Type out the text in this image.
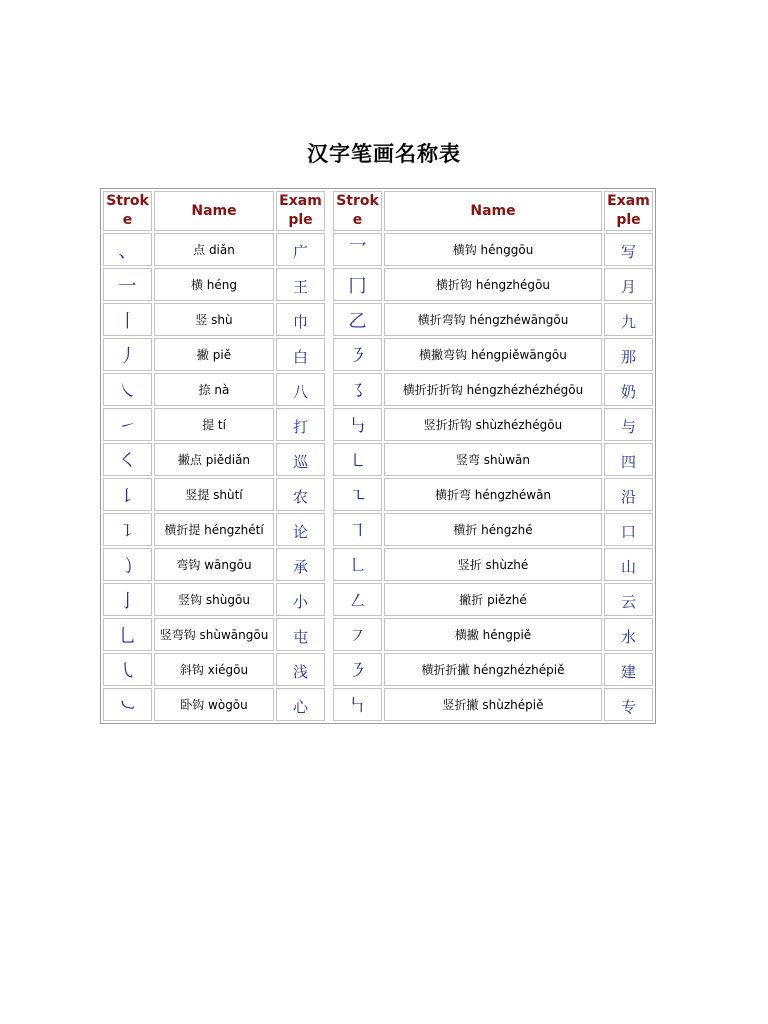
汉字笔画名称表
Strok e	Name	Exam ple		Strok e	Name	Exam ple
、	点 diǎn	广		乛	横钩 hénggōu	写
一	横 héng	王		冂	横折钩 héngzhégōu	月
丨	竖 shù	巾		乙	横折弯钩 héngzhéwāngōu	九
丿	撇 piě	白		㇋	横撇弯钩 héngpiěwāngōu	那
㇏	捺 nà	八		㇌	横折折折钩 héngzhézhézhégōu	奶
㇀	提 tí	打		㇉	竖折折钩 shùzhézhégōu	与
㇛	撇点 piědiǎn	巡		㇄	竖弯 shùwān	四
㇙	竖提 shùtí	农		㇍	横折弯 héngzhéwān	沿
㇊	横折提 héngzhétí	论		㇕	横折 héngzhé	口
㇁	弯钩 wāngōu	承		㇗	竖折 shùzhé	山
亅	竖钩 shùgōu	小		㇜	撇折 piězhé	云
乚	竖弯钩 shùwāngōu	屯		㇇	横撇 héngpiě	水
㇂	斜钩 xiégōu	浅		㇋	横折折撇 héngzhézhépiě	建
㇃	卧钩 wògōu	心		㇞	竖折撇 shùzhépiě	专
